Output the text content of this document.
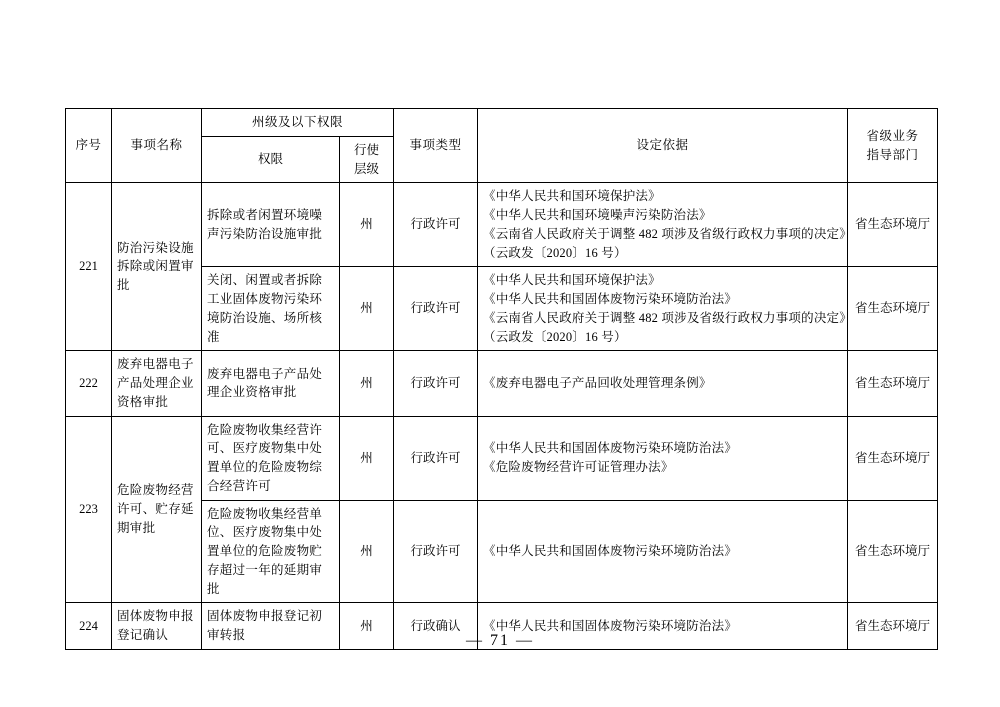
序号	事项名称	州级及以下权限		事项类型	设定依据	省级业务
指导部门

		权限	行使
层级			

221	防治污染设施拆除或闲置审批	拆除或者闲置环境噪声污染防治设施审批	州	行政许可	《中华人民共和国环境保护法》
《中华人民共和国环境噪声污染防治法》
《云南省人民政府关于调整 482 项涉及省级行政权力事项的决定》
（云政发〔2020〕16 号）	省生态环境厅
		关闭、闲置或者拆除工业固体废物污染环境防治设施、场所核准	州	行政许可	《中华人民共和国环境保护法》
《中华人民共和国固体废物污染环境防治法》
《云南省人民政府关于调整 482 项涉及省级行政权力事项的决定》
（云政发〔2020〕16 号）	省生态环境厅
222	废弃电器电子产品处理企业资格审批	废弃电器电子产品处理企业资格审批	州	行政许可	《废弃电器电子产品回收处理管理条例》	省生态环境厅
223	危险废物经营许可、贮存延期审批	危险废物收集经营许可、医疗废物集中处置单位的危险废物综合经营许可	州	行政许可	《中华人民共和国固体废物污染环境防治法》
《危险废物经营许可证管理办法》	省生态环境厅
		危险废物收集经营单位、医疗废物集中处置单位的危险废物贮存超过一年的延期审批	州	行政许可	《中华人民共和国固体废物污染环境防治法》	省生态环境厅
224	固体废物申报登记确认	固体废物申报登记初审转报	州	行政确认	《中华人民共和国固体废物污染环境防治法》	省生态环境厅
— 71 —
